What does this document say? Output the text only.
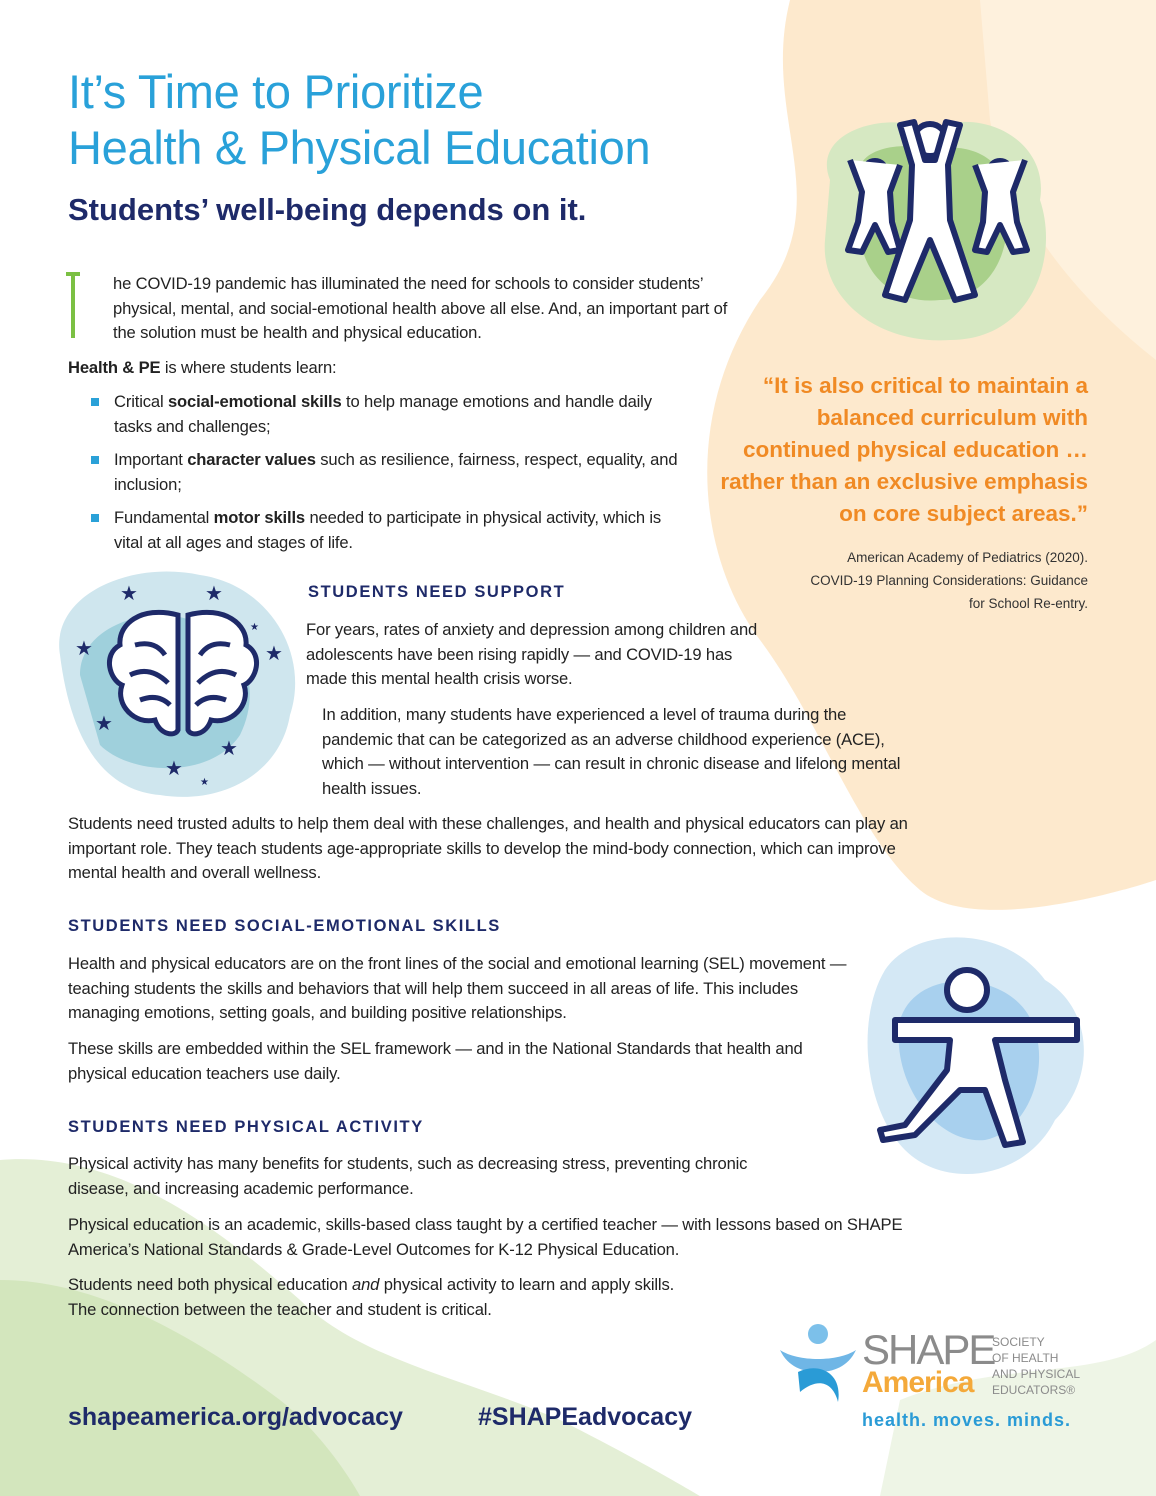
It’s Time to Prioritize
Health & Physical Education
Students’ well-being depends on it.

he COVID-19 pandemic has illuminated the need for schools to consider students’ physical, mental, and social-emotional health above all else. And, an important part of the solution must be health and physical education.

Health & PE is where students learn:

Critical social-emotional skills to help manage emotions and handle daily tasks and challenges;
Important character values such as resilience, fairness, respect, equality, and inclusion;
Fundamental motor skills needed to participate in physical activity, which is vital at all ages and stages of life.
“It is also critical to maintain a balanced curriculum with continued physical education … rather than an exclusive emphasis on core subject areas.”
American Academy of Pediatrics (2020).
COVID-19 Planning Considerations: Guidance
for School Re-entry.
★	★
★	★
★
★
★
★
★
STUDENTS NEED SUPPORT

For years, rates of anxiety and depression among children and adolescents have been rising rapidly — and COVID-19 has made this mental health crisis worse.

In addition, many students have experienced a level of trauma during the pandemic that can be categorized as an adverse childhood experience (ACE), which — without intervention — can result in chronic disease and lifelong mental health issues.

Students need trusted adults to help them deal with these challenges, and health and physical educators can play an important role. They teach students age-appropriate skills to develop the mind-body connection, which can improve mental health and overall wellness.

STUDENTS NEED SOCIAL-EMOTIONAL SKILLS

Health and physical educators are on the front lines of the social and emotional learning (SEL) movement — teaching students the skills and behaviors that will help them succeed in all areas of life. This includes managing emotions, setting goals, and building positive relationships.

These skills are embedded within the SEL framework — and in the National Standards that health and physical education teachers use daily.

STUDENTS NEED PHYSICAL ACTIVITY

Physical activity has many benefits for students, such as decreasing stress, preventing chronic disease, and increasing academic performance.

Physical education is an academic, skills-based class taught by a certified teacher — with lessons based on SHAPE America’s National Standards & Grade-Level Outcomes for K-12 Physical Education.

Students need both physical education and physical activity to learn and apply skills.
The connection between the teacher and student is critical.

shapeamerica.org/advocacy	#SHAPEadvocacy
SHAPE
America
SOCIETY
OF HEALTH
AND PHYSICAL
EDUCATORS®
health. moves. minds.
